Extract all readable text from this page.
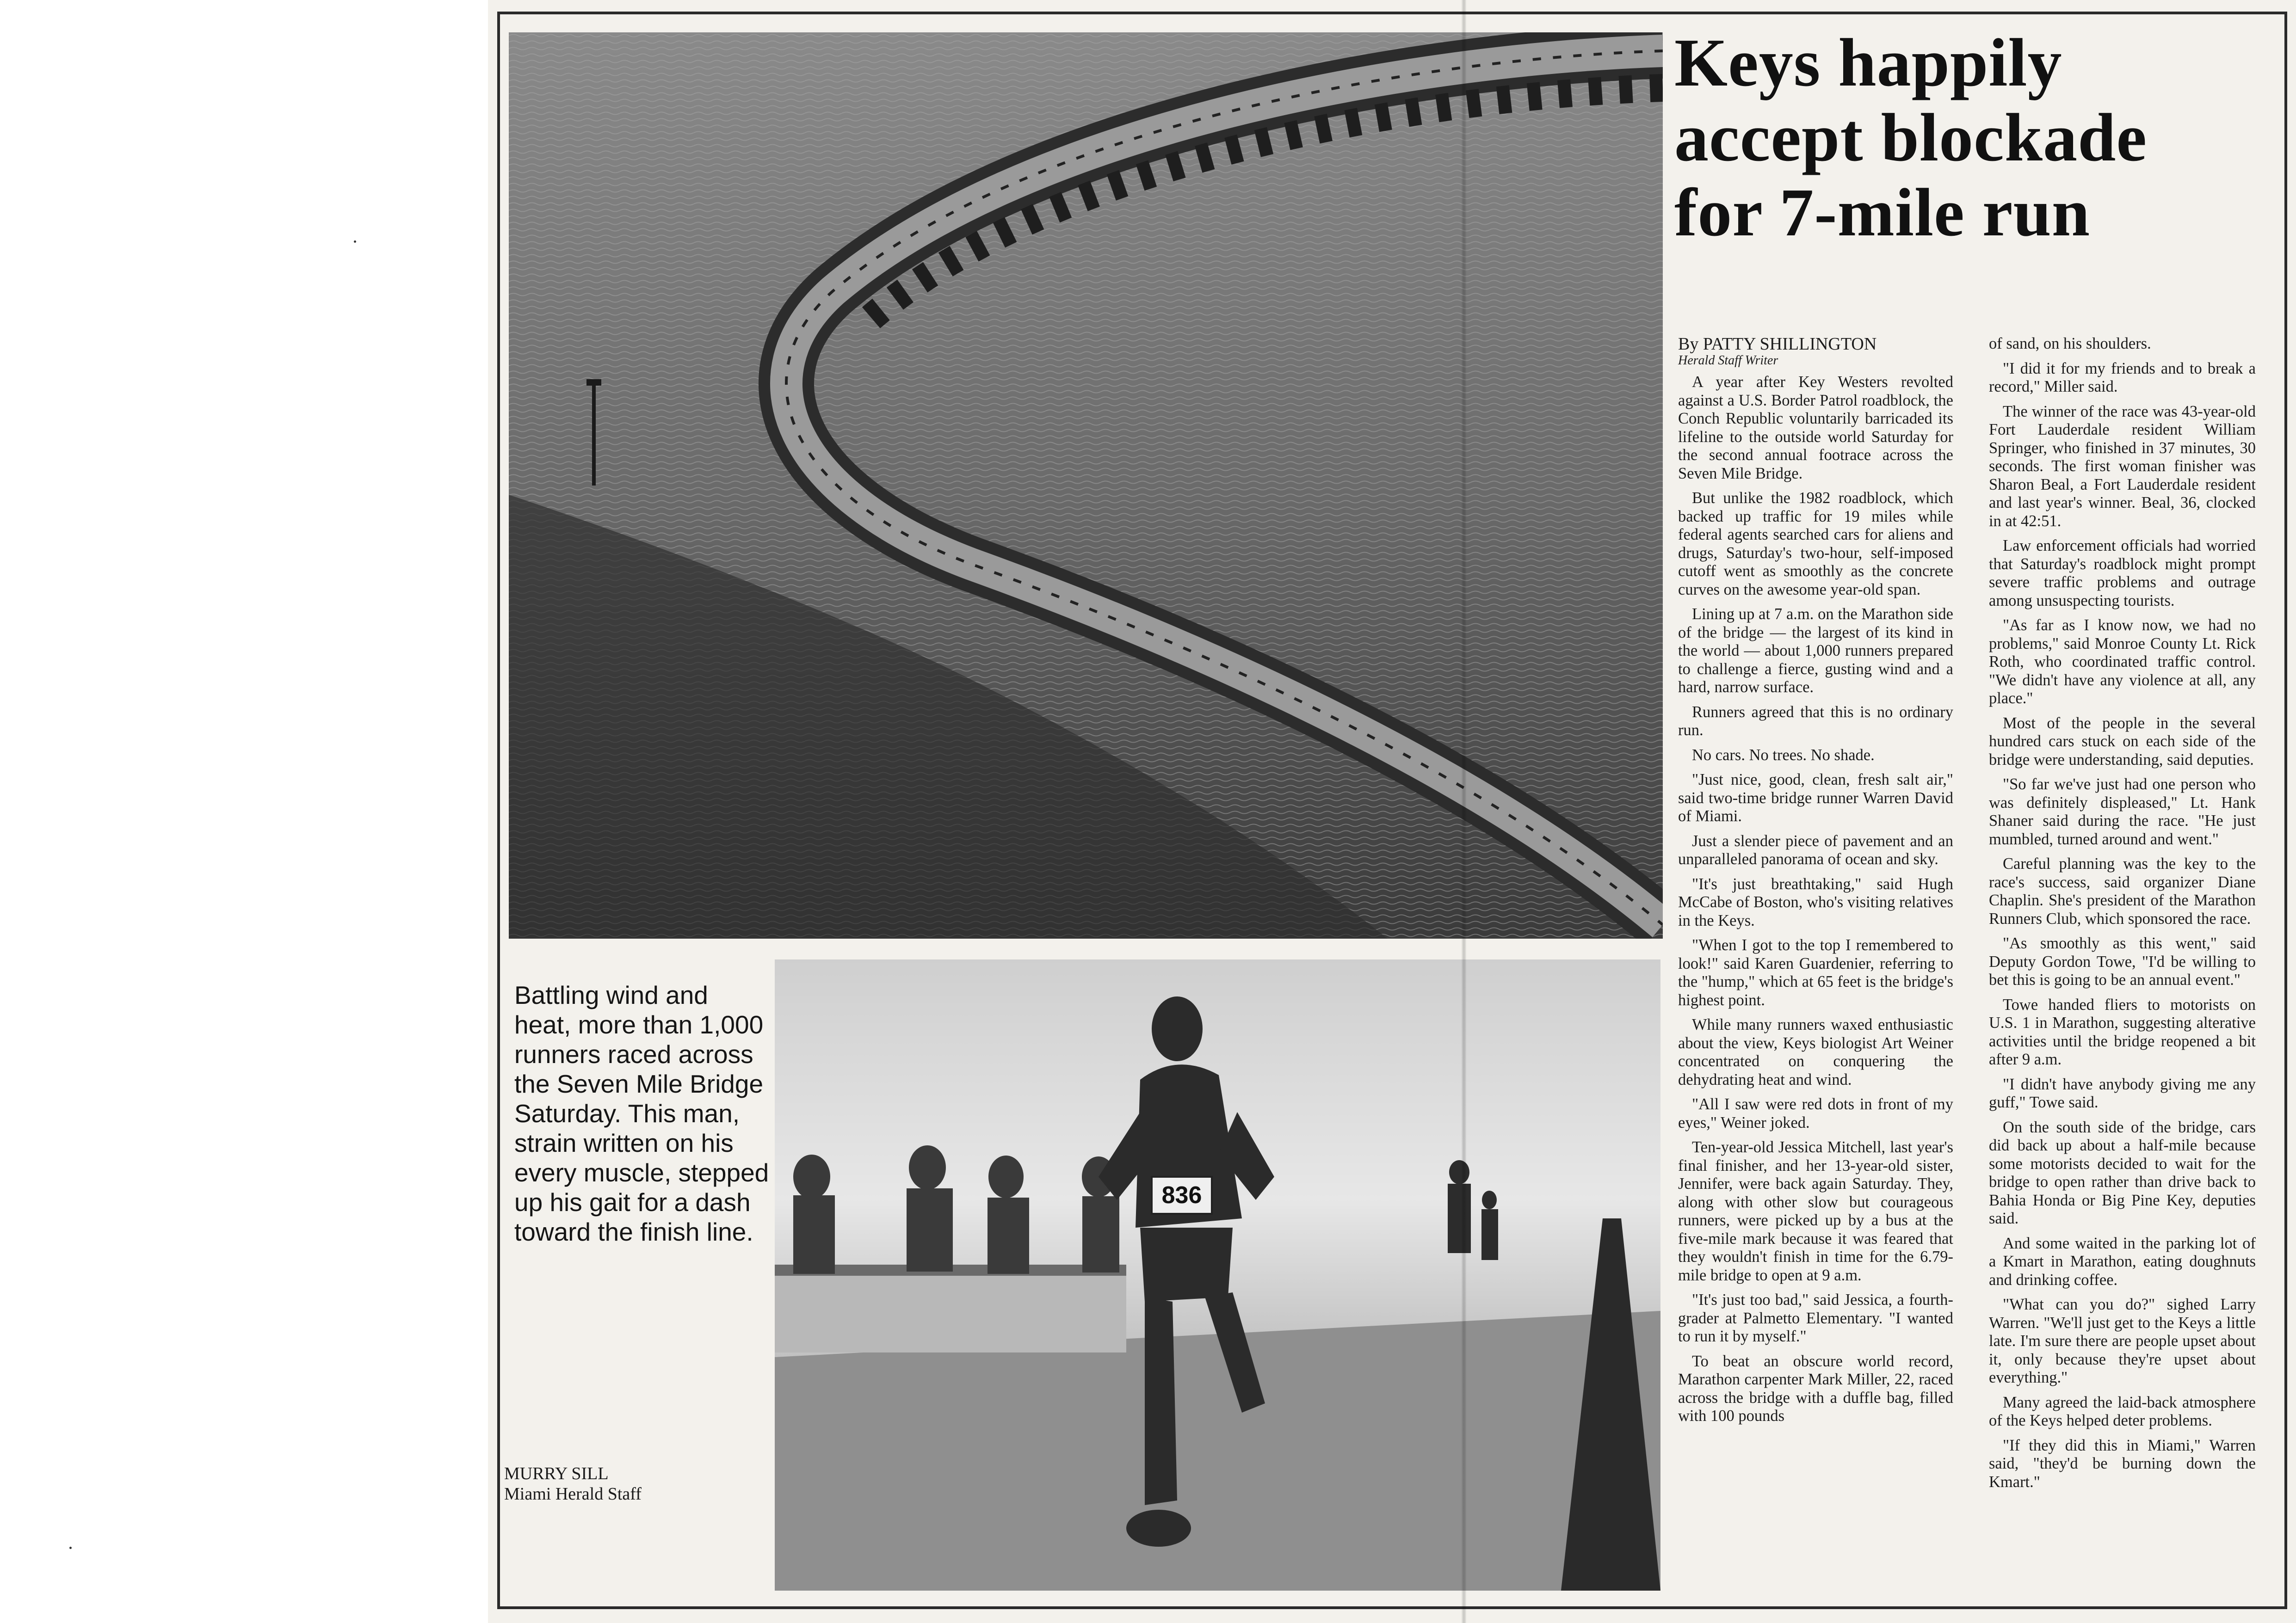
Keys happily
accept blockade
for 7-mile run
By PATTY SHILLINGTON
Herald Staff Writer

A year after Key Westers revolted against a U.S. Border Patrol roadblock, the Conch Republic voluntarily barricaded its lifeline to the outside world Saturday for the second annual footrace across the Seven Mile Bridge.

But unlike the 1982 roadblock, which backed up traffic for 19 miles while federal agents searched cars for aliens and drugs, Saturday's two-hour, self-imposed cutoff went as smoothly as the concrete curves on the awesome year-old span.

Lining up at 7 a.m. on the Marathon side of the bridge — the largest of its kind in the world — about 1,000 runners prepared to challenge a fierce, gusting wind and a hard, narrow surface.

Runners agreed that this is no ordinary run.

No cars. No trees. No shade.

"Just nice, good, clean, fresh salt air," said two-time bridge runner Warren David of Miami.

Just a slender piece of pavement and an unparalleled panorama of ocean and sky.

"It's just breathtaking," said Hugh McCabe of Boston, who's visiting relatives in the Keys.

"When I got to the top I remembered to look!" said Karen Guardenier, referring to the "hump," which at 65 feet is the bridge's highest point.

While many runners waxed enthusiastic about the view, Keys biologist Art Weiner concentrated on conquering the dehydrating heat and wind.

"All I saw were red dots in front of my eyes," Weiner joked.

Ten-year-old Jessica Mitchell, last year's final finisher, and her 13-year-old sister, Jennifer, were back again Saturday. They, along with other slow but courageous runners, were picked up by a bus at the five-mile mark because it was feared that they wouldn't finish in time for the 6.79-mile bridge to open at 9 a.m.

"It's just too bad," said Jessica, a fourth-grader at Palmetto Elementary. "I wanted to run it by myself."

To beat an obscure world record, Marathon carpenter Mark Miller, 22, raced across the bridge with a duffle bag, filled with 100 pounds

of sand, on his shoulders.

"I did it for my friends and to break a record," Miller said.

The winner of the race was 43-year-old Fort Lauderdale resident William Springer, who finished in 37 minutes, 30 seconds. The first woman finisher was Sharon Beal, a Fort Lauderdale resident and last year's winner. Beal, 36, clocked in at 42:51.

Law enforcement officials had worried that Saturday's roadblock might prompt severe traffic problems and outrage among unsuspecting tourists.

"As far as I know now, we had no problems," said Monroe County Lt. Rick Roth, who coordinated traffic control. "We didn't have any violence at all, any place."

Most of the people in the several hundred cars stuck on each side of the bridge were understanding, said deputies.

"So far we've just had one person who was definitely displeased," Lt. Hank Shaner said during the race. "He just mumbled, turned around and went."

Careful planning was the key to the race's success, said organizer Diane Chaplin. She's president of the Marathon Runners Club, which sponsored the race.

"As smoothly as this went," said Deputy Gordon Towe, "I'd be willing to bet this is going to be an annual event."

Towe handed fliers to motorists on U.S. 1 in Marathon, suggesting alterative activities until the bridge reopened a bit after 9 a.m.

"I didn't have anybody giving me any guff," Towe said.

On the south side of the bridge, cars did back up about a half-mile because some motorists decided to wait for the bridge to open rather than drive back to Bahia Honda or Big Pine Key, deputies said.

And some waited in the parking lot of a Kmart in Marathon, eating doughnuts and drinking coffee.

"What can you do?" sighed Larry Warren. "We'll just get to the Keys a little late. I'm sure there are people upset about it, only because they're upset about everything."

Many agreed the laid-back atmosphere of the Keys helped deter problems.

"If they did this in Miami," Warren said, "they'd be burning down the Kmart."

Battling wind and heat, more than 1,000 runners raced across the Seven Mile Bridge Saturday. This man, strain written on his every muscle, stepped up his gait for a dash toward the finish line.
836
MURRY SILL
Miami Herald Staff
